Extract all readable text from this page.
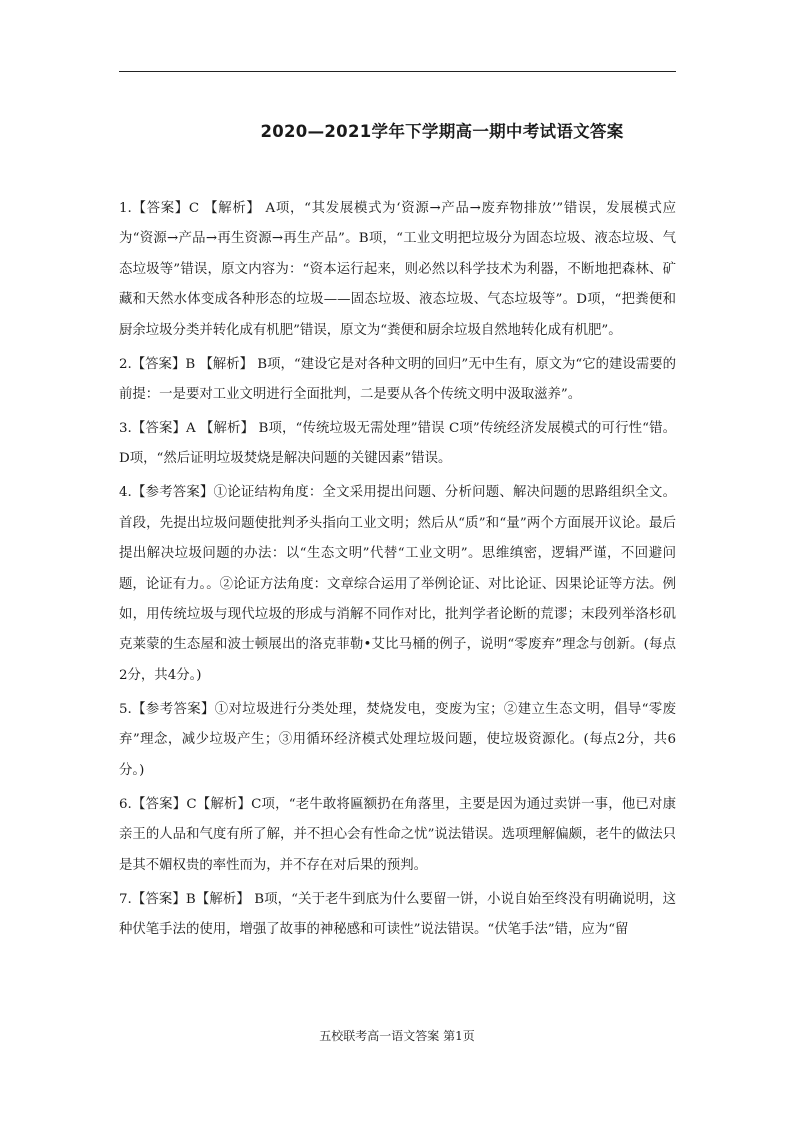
2020—2021学年下学期高一期中考试语文答案

1.【答案】C 【解析】 A项，“其发展模式为‘资源→产品→废弃物排放’”错误，发展模式应为“资源→产品→再生资源→再生产品”。B项，“工业文明把垃圾分为固态垃圾、液态垃圾、气态垃圾等”错误，原文内容为：“资本运行起来，则必然以科学技术为利器，不断地把森林、矿藏和天然水体变成各种形态的垃圾——固态垃圾、液态垃圾、气态垃圾等”。D项，“把粪便和厨余垃圾分类并转化成有机肥”错误，原文为“粪便和厨余垃圾自然地转化成有机肥”。

2.【答案】B 【解析】 B项，“建设它是对各种文明的回归”无中生有，原文为“它的建设需要的前提：一是要对工业文明进行全面批判，二是要从各个传统文明中汲取滋养”。

3.【答案】A 【解析】 B项，“传统垃圾无需处理”错误 C项”传统经济发展模式的可行性“错。D项，“然后证明垃圾焚烧是解决问题的关键因素”错误。

4.【参考答案】①论证结构角度：全文采用提出问题、分析问题、解决问题的思路组织全文。首段，先提出垃圾问题使批判矛头指向工业文明；然后从“质”和“量”两个方面展开议论。最后提出解决垃圾问题的办法：以“生态文明”代替“工业文明”。思维缜密，逻辑严谨，不回避问题，论证有力。。②论证方法角度：文章综合运用了举例论证、对比论证、因果论证等方法。例如，用传统垃圾与现代垃圾的形成与消解不同作对比，批判学者论断的荒谬；末段列举洛杉矶克莱蒙的生态屋和波士顿展出的洛克菲勒•艾比马桶的例子，说明“零废弃”理念与创新。(每点2分，共4分。)

5.【参考答案】①对垃圾进行分类处理，焚烧发电，变废为宝；②建立生态文明，倡导“零废弃”理念，减少垃圾产生；③用循环经济模式处理垃圾问题，使垃圾资源化。(每点2分，共6分。)

6.【答案】C【解析】C项，“老牛敢将匾额扔在角落里，主要是因为通过卖饼一事，他已对康亲王的人品和气度有所了解，并不担心会有性命之忧”说法错误。选项理解偏颇，老牛的做法只是其不媚权贵的率性而为，并不存在对后果的预判。

7.【答案】B【解析】 B项，“关于老牛到底为什么要留一饼，小说自始至终没有明确说明，这种伏笔手法的使用，增强了故事的神秘感和可读性”说法错误。“伏笔手法”错，应为“留

五校联考高一语文答案 第1页
